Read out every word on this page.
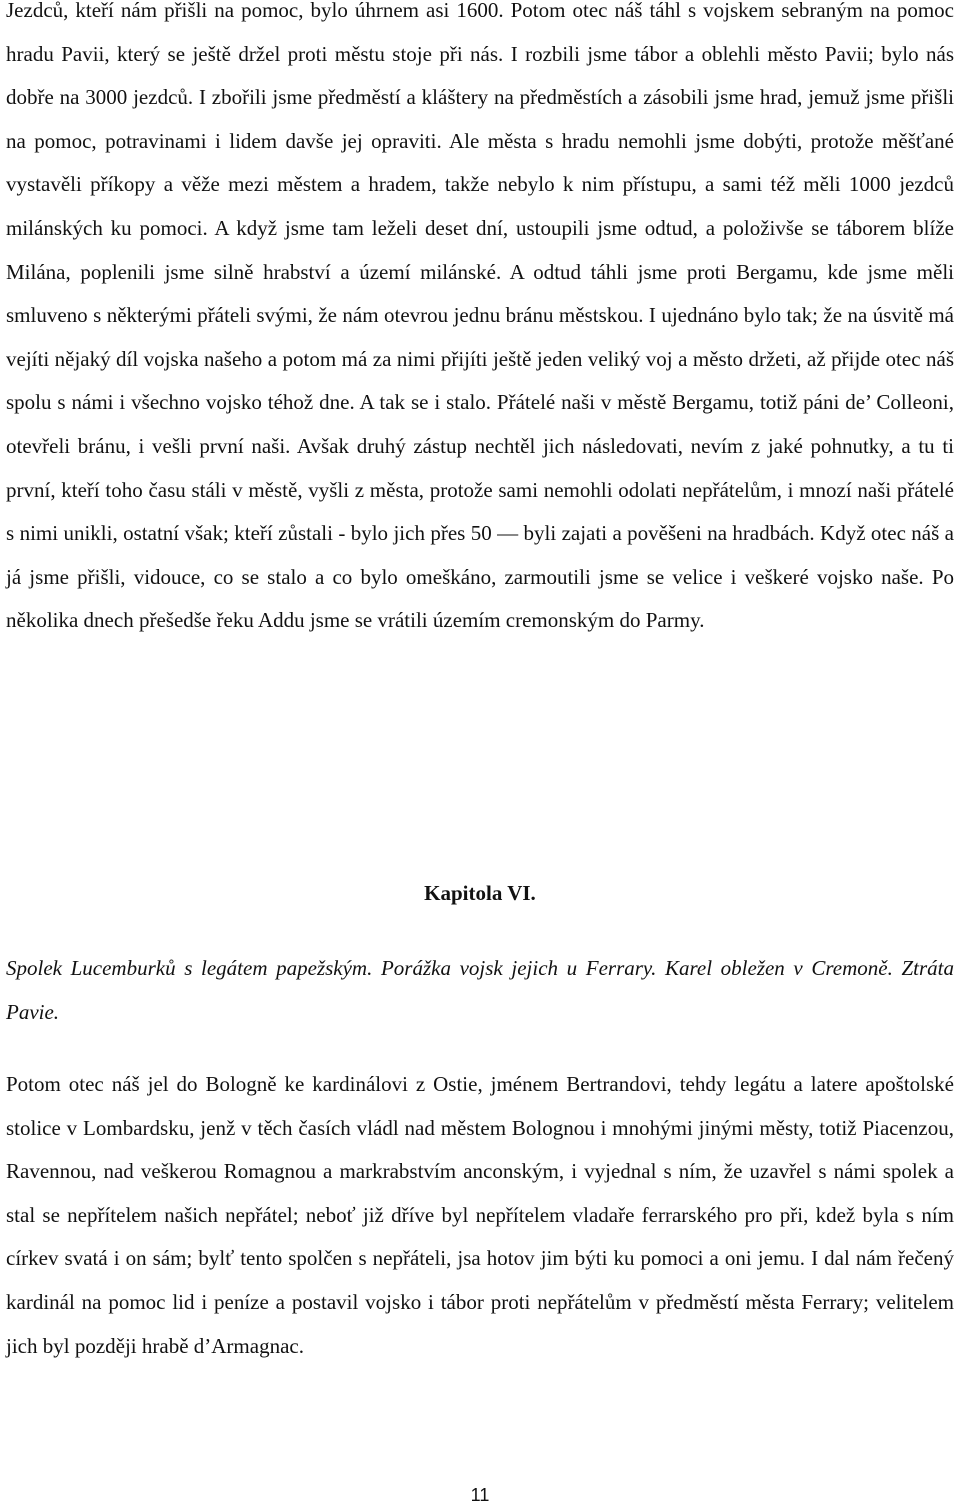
Jezdců, kteří nám přišli na pomoc, bylo úhrnem asi 1600. Potom otec náš táhl s vojskem sebraným na pomoc hradu Pavii, který se ještě držel proti městu stoje při nás. I rozbili jsme tábor a oblehli město Pavii; bylo nás dobře na 3000 jezdců. I zbořili jsme předměstí a kláštery na předměstích a zásobili jsme hrad, jemuž jsme přišli na pomoc, potravinami i lidem davše jej opraviti. Ale města s hradu nemohli jsme dobýti, protože měšťané vystavěli příkopy a věže mezi městem a hradem, takže nebylo k nim přístupu, a sami též měli 1000 jezdců milánských ku pomoci. A když jsme tam leželi deset dní, ustoupili jsme odtud, a položivše se táborem blíže Milána, poplenili jsme silně hrabství a území milánské. A odtud táhli jsme proti Bergamu, kde jsme měli smluveno s některými přáteli svými, že nám otevrou jednu bránu městskou. I ujednáno bylo tak; že na úsvitě má vejíti nějaký díl vojska našeho a potom má za nimi přijíti ještě jeden veliký voj a město držeti, až přijde otec náš spolu s námi i všechno vojsko téhož dne. A tak se i stalo. Přátelé naši v městě Bergamu, totiž páni de’ Colleoni, otevřeli bránu, i vešli první naši. Avšak druhý zástup nechtěl jich následovati, nevím z jaké pohnutky, a tu ti první, kteří toho času stáli v městě, vyšli z města, protože sami nemohli odolati nepřátelům, i mnozí naši přátelé s nimi unikli, ostatní však; kteří zůstali - bylo jich přes 50 — byli zajati a pověšeni na hradbách. Když otec náš a já jsme přišli, vidouce, co se stalo a co bylo omeškáno, zarmoutili jsme se velice i veškeré vojsko naše. Po několika dnech přešedše řeku Addu jsme se vrátili územím cremonským do Parmy.

Kapitola VI.

Spolek Lucemburků s legátem papežským. Porážka vojsk jejich u Ferrary. Karel obležen v Cremoně. Ztráta Pavie.

Potom otec náš jel do Bologně ke kardinálovi z Ostie, jménem Bertrandovi, tehdy legátu a latere apoštolské stolice v Lombardsku, jenž v těch časích vládl nad městem Bolognou i mnohými jinými městy, totiž Piacenzou, Ravennou, nad veškerou Romagnou a markrabstvím anconským, i vyjednal s ním, že uzavřel s námi spolek a stal se nepřítelem našich nepřátel; neboť již dříve byl nepřítelem vladaře ferrarského pro při, kdež byla s ním církev svatá i on sám; bylť tento spolčen s nepřáteli, jsa hotov jim býti ku pomoci a oni jemu. I dal nám řečený kardinál na pomoc lid i peníze a postavil vojsko i tábor proti nepřátelům v předměstí města Ferrary; velitelem jich byl později hrabě d’Armagnac.

11
